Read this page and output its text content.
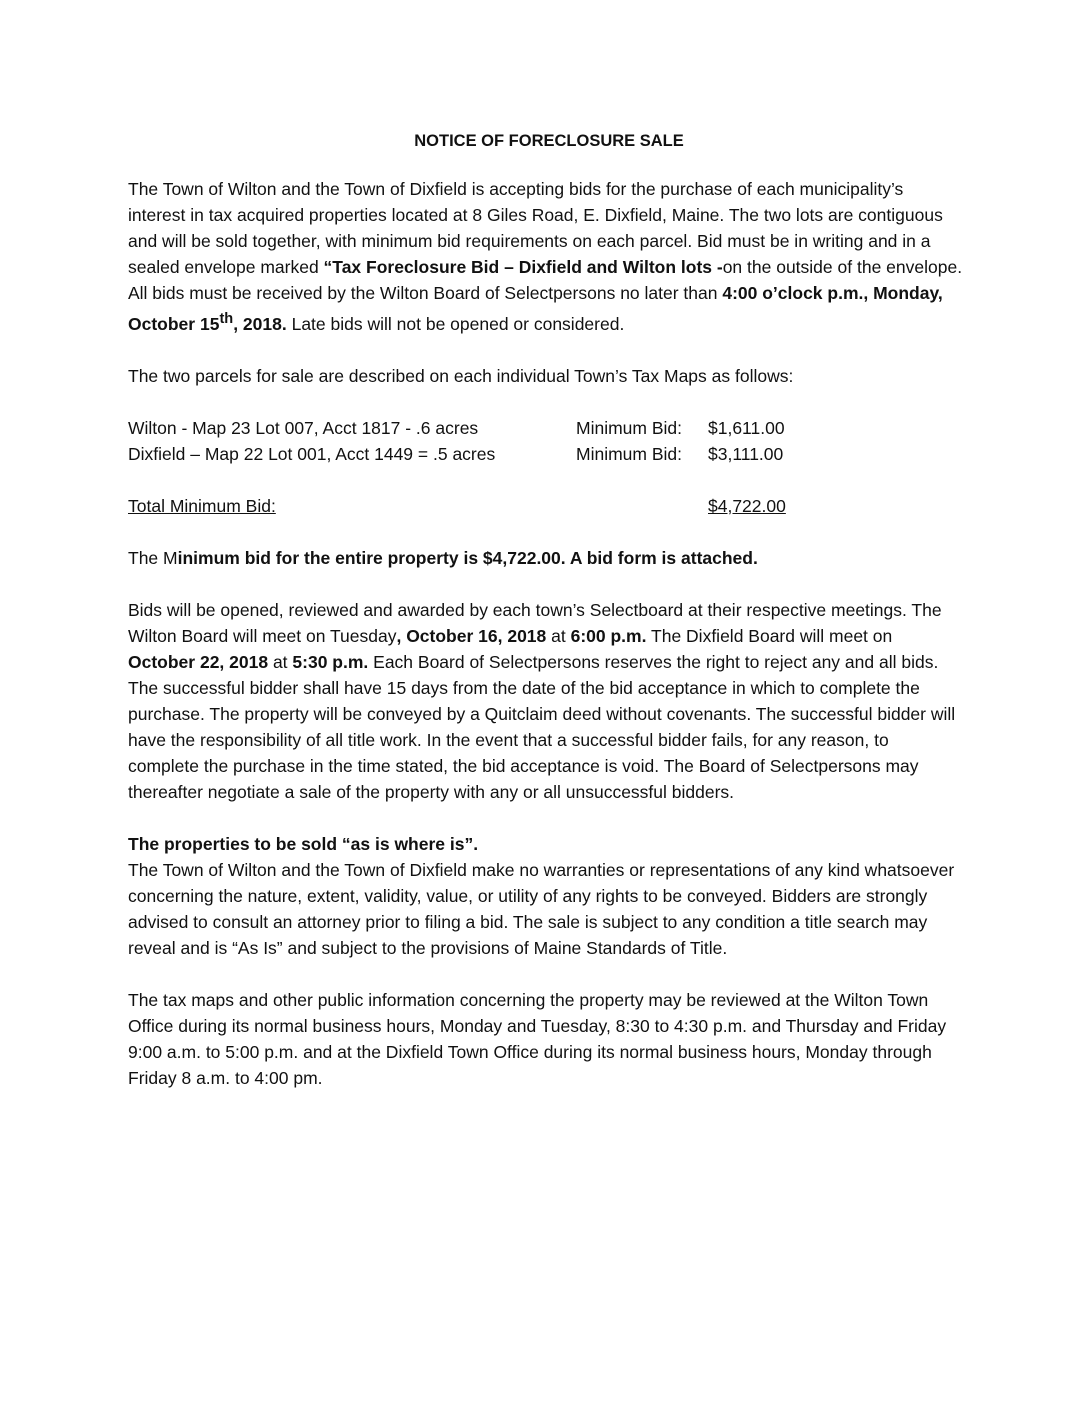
NOTICE OF FORECLOSURE SALE

The Town of Wilton and the Town of Dixfield is accepting bids for the purchase of each municipality’s interest in tax acquired properties located at 8 Giles Road, E. Dixfield, Maine. The two lots are contiguous and will be sold together, with minimum bid requirements on each parcel. Bid must be in writing and in a sealed envelope marked “Tax Foreclosure Bid – Dixfield and Wilton lots -on the outside of the envelope. All bids must be received by the Wilton Board of Selectpersons no later than 4:00 o’clock p.m., Monday, October 15th, 2018. Late bids will not be opened or considered.

The two parcels for sale are described on each individual Town’s Tax Maps as follows:

Wilton - Map 23 Lot 007, Acct 1817 - .6 acres	Minimum Bid: $1,611.00
Dixfield – Map 22 Lot 001, Acct 1449 = .5 acres	Minimum Bid: $3,111.00
Total Minimum Bid:	$4,722.00

The Minimum bid for the entire property is $4,722.00. A bid form is attached.

Bids will be opened, reviewed and awarded by each town’s Selectboard at their respective meetings. The Wilton Board will meet on Tuesday, October 16, 2018 at 6:00 p.m. The Dixfield Board will meet on October 22, 2018 at 5:30 p.m. Each Board of Selectpersons reserves the right to reject any and all bids. The successful bidder shall have 15 days from the date of the bid acceptance in which to complete the purchase. The property will be conveyed by a Quitclaim deed without covenants. The successful bidder will have the responsibility of all title work. In the event that a successful bidder fails, for any reason, to complete the purchase in the time stated, the bid acceptance is void. The Board of Selectpersons may thereafter negotiate a sale of the property with any or all unsuccessful bidders.

The properties to be sold “as is where is”.

The Town of Wilton and the Town of Dixfield make no warranties or representations of any kind whatsoever concerning the nature, extent, validity, value, or utility of any rights to be conveyed. Bidders are strongly advised to consult an attorney prior to filing a bid. The sale is subject to any condition a title search may reveal and is “As Is” and subject to the provisions of Maine Standards of Title.

The tax maps and other public information concerning the property may be reviewed at the Wilton Town Office during its normal business hours, Monday and Tuesday, 8:30 to 4:30 p.m. and Thursday and Friday 9:00 a.m. to 5:00 p.m. and at the Dixfield Town Office during its normal business hours, Monday through Friday 8 a.m. to 4:00 pm.
